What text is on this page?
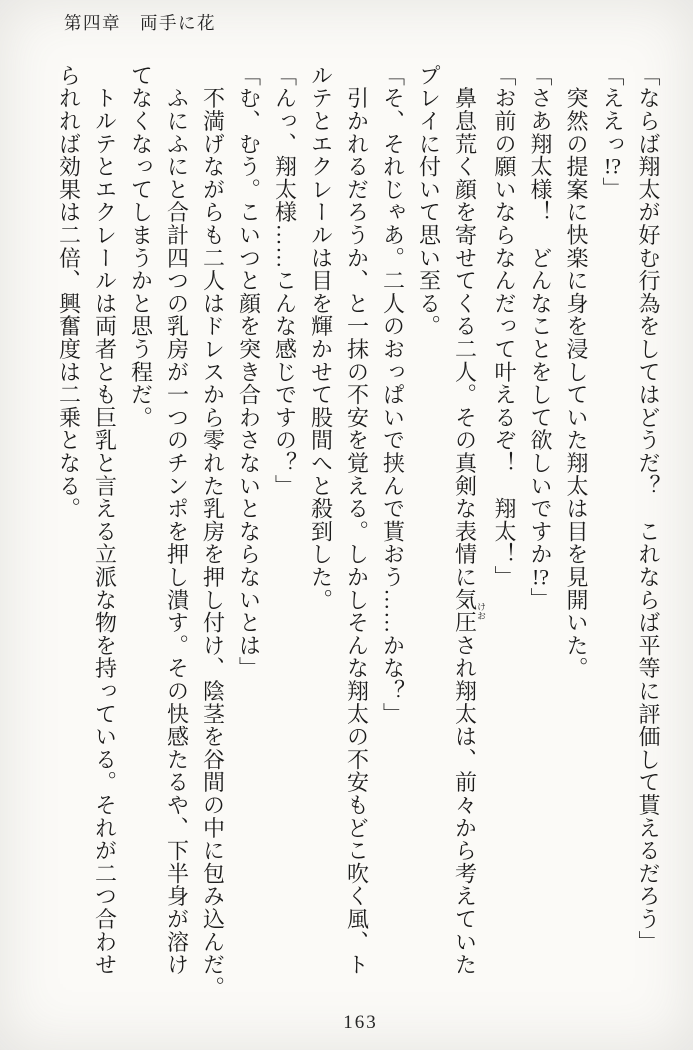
第四章　両手に花
「ならば翔太が好む行為をしてはどうだ？　これならば平等に評価して貰えるだろう」
「ええっ!?」
　突然の提案に快楽に身を浸していた翔太は目を見開いた。
「さあ翔太様！　どんなことをして欲しいですか!?」
「お前の願いならなんだって叶えるぞ！　翔太！」
　鼻息荒く顔を寄せてくる二人。その真剣な表情に気圧けおされ翔太は、前々から考えていた
プレイに付いて思い至る。
「そ、それじゃあ。二人のおっぱいで挟んで貰おう……かな？」
　引かれるだろうか、と一抹の不安を覚える。しかしそんな翔太の不安もどこ吹く風、ト
ルテとエクレールは目を輝かせて股間へと殺到した。
「んっ、翔太様……こんな感じですの？」
「む、むう。こいつと顔を突き合わさないとならないとは」
　不満げながらも二人はドレスから零れた乳房を押し付け、陰茎を谷間の中に包み込んだ。
　ふにふにと合計四つの乳房が一つのチンポを押し潰す。その快感たるや、下半身が溶け
てなくなってしまうかと思う程だ。
　トルテとエクレールは両者とも巨乳と言える立派な物を持っている。それが二つ合わせ
られれば効果は二倍、興奮度は二乗となる。
163
